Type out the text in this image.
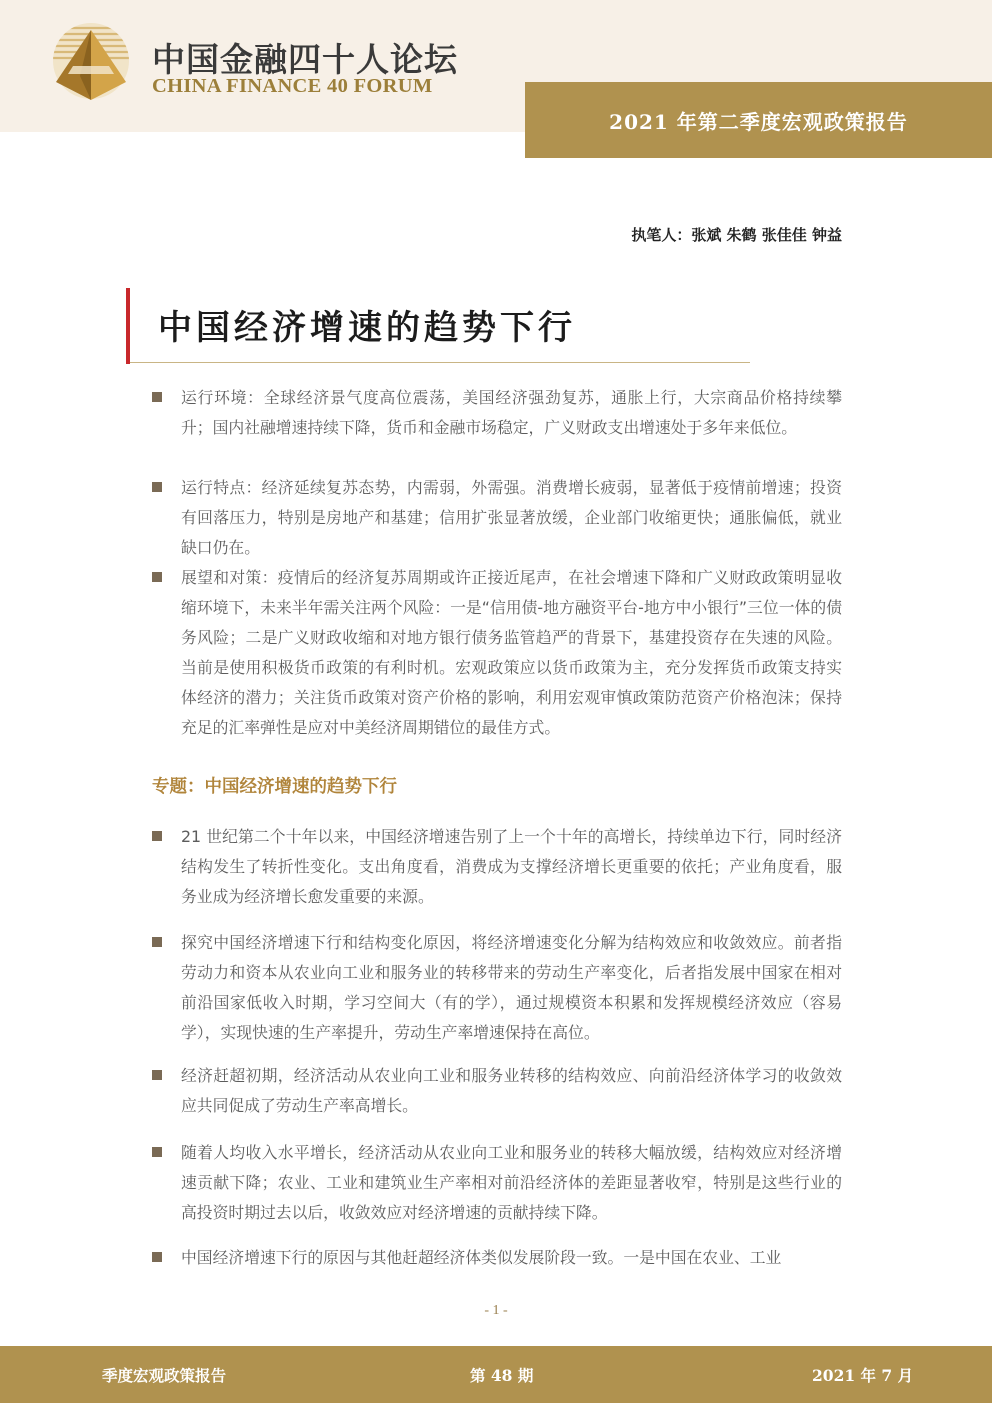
中国金融四十人论坛
CHINA FINANCE 40 FORUM
2021 年第二季度宏观政策报告
执笔人：张斌 朱鹤 张佳佳 钟益
中国经济增速的趋势下行
运行环境：全球经济景气度高位震荡，美国经济强劲复苏，通胀上行，大宗商品价格持续攀升；国内社融增速持续下降，货币和金融市场稳定，广义财政支出增速处于多年来低位。
运行特点：经济延续复苏态势，内需弱，外需强。消费增长疲弱，显著低于疫情前增速；投资有回落压力，特别是房地产和基建；信用扩张显著放缓，企业部门收缩更快；通胀偏低，就业缺口仍在。
展望和对策：疫情后的经济复苏周期或许正接近尾声，在社会增速下降和广义财政政策明显收缩环境下，未来半年需关注两个风险：一是“信用债-地方融资平台-地方中小银行”三位一体的债务风险；二是广义财政收缩和对地方银行债务监管趋严的背景下，基建投资存在失速的风险。当前是使用积极货币政策的有利时机。宏观政策应以货币政策为主，充分发挥货币政策支持实体经济的潜力；关注货币政策对资产价格的影响，利用宏观审慎政策防范资产价格泡沫；保持充足的汇率弹性是应对中美经济周期错位的最佳方式。
专题：中国经济增速的趋势下行
21 世纪第二个十年以来，中国经济增速告别了上一个十年的高增长，持续单边下行，同时经济结构发生了转折性变化。支出角度看，消费成为支撑经济增长更重要的依托；产业角度看，服务业成为经济增长愈发重要的来源。
探究中国经济增速下行和结构变化原因，将经济增速变化分解为结构效应和收敛效应。前者指劳动力和资本从农业向工业和服务业的转移带来的劳动生产率变化，后者指发展中国家在相对前沿国家低收入时期，学习空间大（有的学），通过规模资本积累和发挥规模经济效应（容易学），实现快速的生产率提升，劳动生产率增速保持在高位。
经济赶超初期，经济活动从农业向工业和服务业转移的结构效应、向前沿经济体学习的收敛效应共同促成了劳动生产率高增长。
随着人均收入水平增长，经济活动从农业向工业和服务业的转移大幅放缓，结构效应对经济增速贡献下降；农业、工业和建筑业生产率相对前沿经济体的差距显著收窄，特别是这些行业的高投资时期过去以后，收敛效应对经济增速的贡献持续下降。
中国经济增速下行的原因与其他赶超经济体类似发展阶段一致。一是中国在农业、工业
- 1 -
季度宏观政策报告	第 48 期	2021 年 7 月
